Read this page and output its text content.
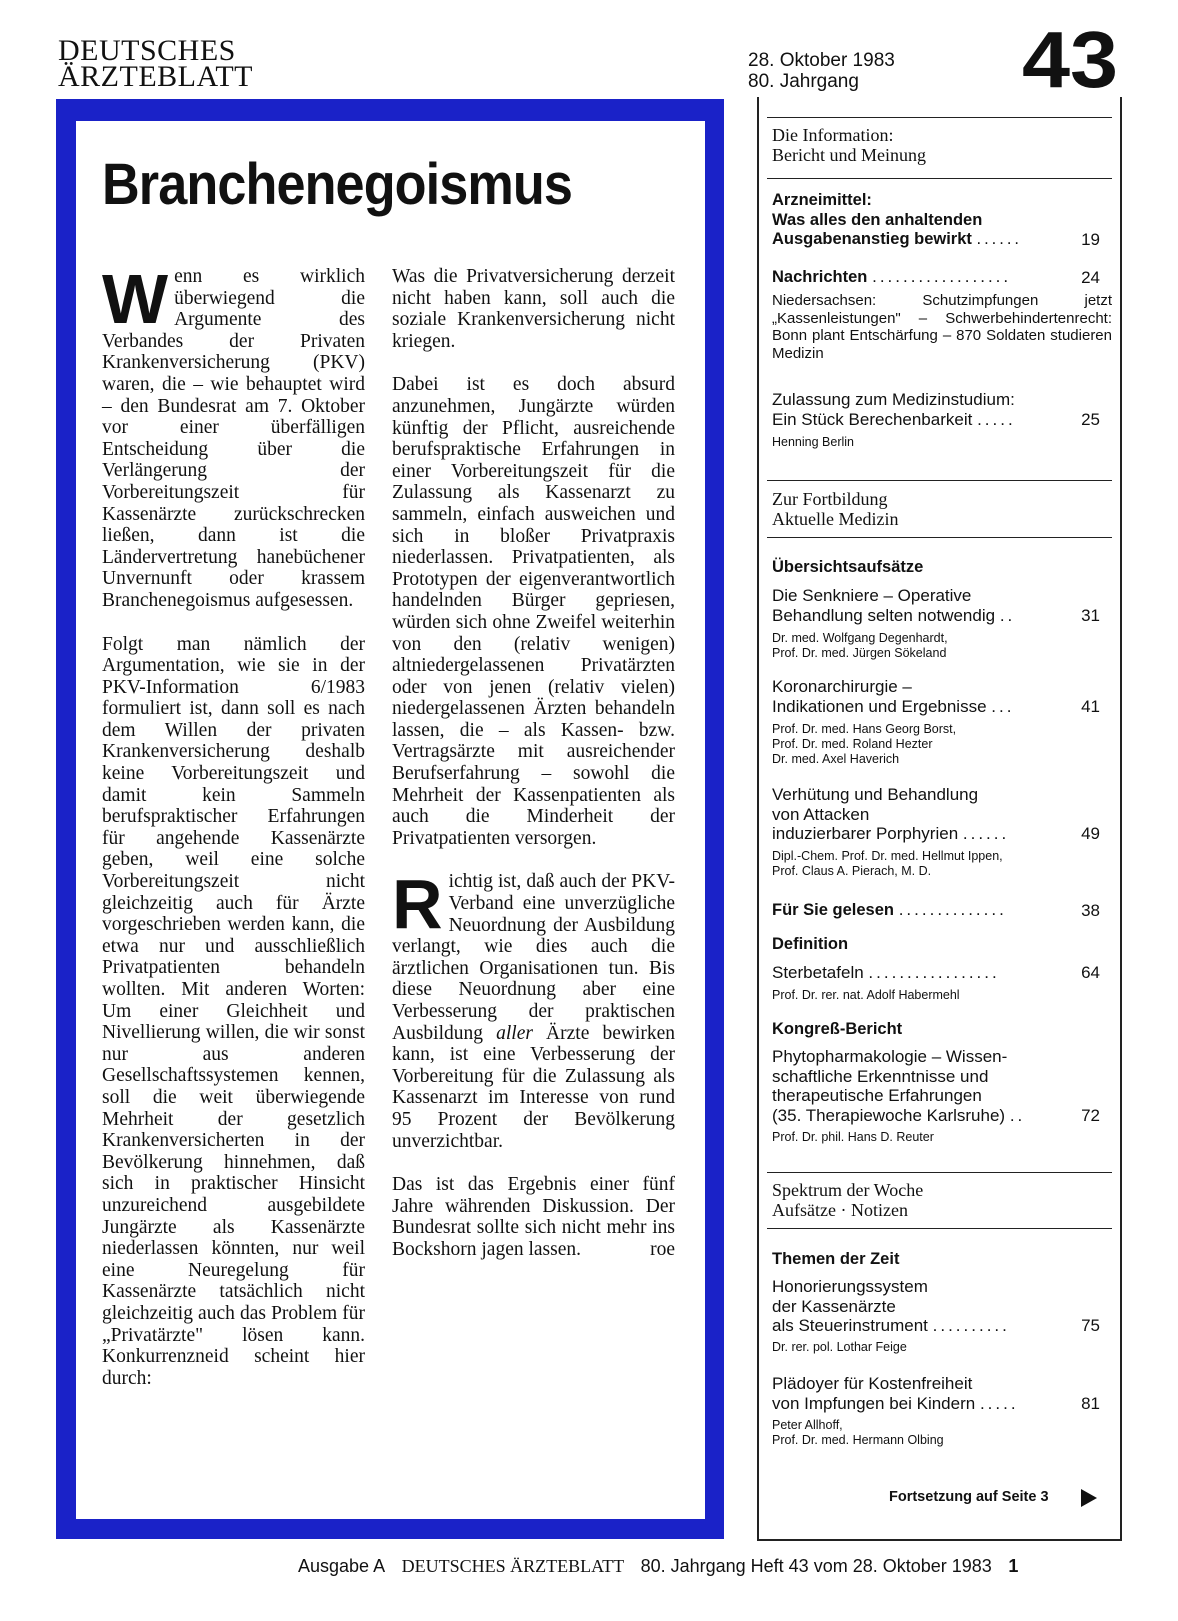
DEUTSCHES
ÄRZTEBLATT	28. Oktober 1983
80. Jahrgang	43
Branchenegoismus

Wenn es wirklich überwiegend die Argumente des Verbandes der Privaten Krankenversicherung (PKV) waren, die – wie behauptet wird – den Bundesrat am 7. Oktober vor einer überfälligen Entscheidung über die Verlängerung der Vorbereitungszeit für Kassenärzte zurückschrecken ließen, dann ist die Ländervertretung hanebüchener Unvernunft oder krassem Branchenegoismus aufgesessen.

Folgt man nämlich der Argumentation, wie sie in der PKV-Information 6/1983 formuliert ist, dann soll es nach dem Willen der privaten Krankenversicherung deshalb keine Vorbereitungszeit und damit kein Sammeln berufspraktischer Erfahrungen für angehende Kassenärzte geben, weil eine solche Vorbereitungszeit nicht gleichzeitig auch für Ärzte vorgeschrieben werden kann, die etwa nur und ausschließlich Privatpatienten behandeln wollten. Mit anderen Worten: Um einer Gleichheit und Nivellierung willen, die wir sonst nur aus anderen Gesellschaftssystemen kennen, soll die weit überwiegende Mehrheit der gesetzlich Krankenversicherten in der Bevölkerung hinnehmen, daß sich in praktischer Hinsicht unzureichend ausgebildete Jungärzte als Kassenärzte niederlassen könnten, nur weil eine Neuregelung für Kassenärzte tatsächlich nicht gleichzeitig auch das Problem für „Privatärzte" lösen kann. Konkurrenzneid scheint hier durch:

Was die Privatversicherung derzeit nicht haben kann, soll auch die soziale Krankenversicherung nicht kriegen.

Dabei ist es doch absurd anzunehmen, Jungärzte würden künftig der Pflicht, ausreichende berufspraktische Erfahrungen in einer Vorbereitungszeit für die Zulassung als Kassenarzt zu sammeln, einfach ausweichen und sich in bloßer Privatpraxis niederlassen. Privatpatienten, als Prototypen der eigenverantwortlich handelnden Bürger gepriesen, würden sich ohne Zweifel weiterhin von den (relativ wenigen) altniedergelassenen Privatärzten oder von jenen (relativ vielen) niedergelassenen Ärzten behandeln lassen, die – als Kassen- bzw. Vertragsärzte mit ausreichender Berufserfahrung – sowohl die Mehrheit der Kassenpatienten als auch die Minderheit der Privatpatienten versorgen.

Richtig ist, daß auch der PKV-Verband eine unverzügliche Neuordnung der Ausbildung verlangt, wie dies auch die ärztlichen Organisationen tun. Bis diese Neuordnung aber eine Verbesserung der praktischen Ausbildung aller Ärzte bewirken kann, ist eine Verbesserung der Vorbereitung für die Zulassung als Kassenarzt im Interesse von rund 95 Prozent der Bevölkerung unverzichtbar.

Das ist das Ergebnis einer fünf Jahre währenden Diskussion. Der Bundesrat sollte sich nicht mehr ins Bockshorn jagen lassen.	roe

Die Information:
Bericht und Meinung
Arzneimittel:
Was alles den anhaltenden
Ausgabenanstieg bewirkt ......	19
Nachrichten ..................	24
Niedersachsen: Schutzimpfungen jetzt „Kassenleistungen" – Schwerbehindertenrecht: Bonn plant Entschärfung – 870 Soldaten studieren Medizin
Zulassung zum Medizinstudium:
Ein Stück Berechenbarkeit .....	25
Henning Berlin
Zur Fortbildung
Aktuelle Medizin
Übersichtsaufsätze
Die Senkniere – Operative
Behandlung selten notwendig ..	31
Dr. med. Wolfgang Degenhardt,
Prof. Dr. med. Jürgen Sökeland
Koronarchirurgie –
Indikationen und Ergebnisse ...	41
Prof. Dr. med. Hans Georg Borst,
Prof. Dr. med. Roland Hezter
Dr. med. Axel Haverich
Verhütung und Behandlung
von Attacken
induzierbarer Porphyrien ......	49
Dipl.-Chem. Prof. Dr. med. Hellmut Ippen,
Prof. Claus A. Pierach, M. D.
Für Sie gelesen ..............	38
Definition
Sterbetafeln .................	64
Prof. Dr. rer. nat. Adolf Habermehl
Kongreß-Bericht
Phytopharmakologie – Wissen-
schaftliche Erkenntnisse und
therapeutische Erfahrungen
(35. Therapiewoche Karlsruhe) ..	72
Prof. Dr. phil. Hans D. Reuter
Spektrum der Woche
Aufsätze · Notizen
Themen der Zeit
Honorierungssystem
der Kassenärzte
als Steuerinstrument ..........	75
Dr. rer. pol. Lothar Feige
Plädoyer für Kostenfreiheit
von Impfungen bei Kindern .....	81
Peter Allhoff,
Prof. Dr. med. Hermann Olbing
Fortsetzung auf Seite 3
Ausgabe A DEUTSCHES ÄRZTEBLATT 80. Jahrgang Heft 43 vom 28. Oktober 1983 1
